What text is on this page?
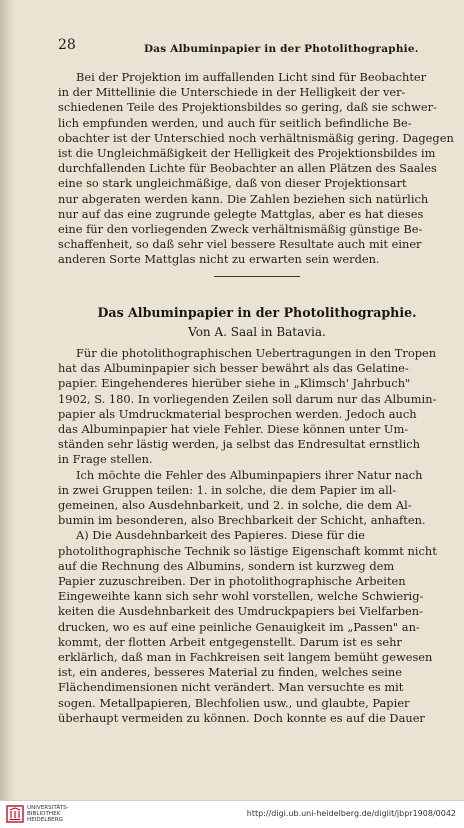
28	Das Albuminpapier in der Photolithographie.
Bei der Projektion im auffallenden Licht sind für Beobachter
in der Mittellinie die Unterschiede in der Helligkeit der ver-
schiedenen Teile des Projektionsbildes so gering, daß sie schwer-
lich empfunden werden, und auch für seitlich befindliche Be-
obachter ist der Unterschied noch verhältnismäßig gering. Dagegen
ist die Ungleichmäßigkeit der Helligkeit des Projektionsbildes im
durchfallenden Lichte für Beobachter an allen Plätzen des Saales
eine so stark ungleichmäßige, daß von dieser Projektionsart
nur abgeraten werden kann. Die Zahlen beziehen sich natürlich
nur auf das eine zugrunde gelegte Mattglas, aber es hat dieses
eine für den vorliegenden Zweck verhältnismäßig günstige Be-
schaffenheit, so daß sehr viel bessere Resultate auch mit einer
anderen Sorte Mattglas nicht zu erwarten sein werden.
Das Albuminpapier in der Photolithographie.
Von A. Saal in Batavia.
Für die photolithographischen Uebertragungen in den Tropen
hat das Albuminpapier sich besser bewährt als das Gelatine-
papier. Eingehenderes hierüber siehe in „Klimsch' Jahrbuch"
1902, S. 180. In vorliegenden Zeilen soll darum nur das Albumin-
papier als Umdruckmaterial besprochen werden. Jedoch auch
das Albuminpapier hat viele Fehler. Diese können unter Um-
ständen sehr lästig werden, ja selbst das Endresultat ernstlich
in Frage stellen.
Ich möchte die Fehler des Albuminpapiers ihrer Natur nach
in zwei Gruppen teilen: 1. in solche, die dem Papier im all-
gemeinen, also Ausdehnbarkeit, und 2. in solche, die dem Al-
bumin im besonderen, also Brechbarkeit der Schicht, anhaften.
A) Die Ausdehnbarkeit des Papieres. Diese für die
photolithographische Technik so lästige Eigenschaft kommt nicht
auf die Rechnung des Albumins, sondern ist kurzweg dem
Papier zuzuschreiben. Der in photolithographische Arbeiten
Eingeweihte kann sich sehr wohl vorstellen, welche Schwierig-
keiten die Ausdehnbarkeit des Umdruckpapiers bei Vielfarben-
drucken, wo es auf eine peinliche Genauigkeit im „Passen" an-
kommt, der flotten Arbeit entgegenstellt. Darum ist es sehr
erklärlich, daß man in Fachkreisen seit langem bemüht gewesen
ist, ein anderes, besseres Material zu finden, welches seine
Flächendimensionen nicht verändert. Man versuchte es mit
sogen. Metallpapieren, Blechfolien usw., und glaubte, Papier
überhaupt vermeiden zu können. Doch konnte es auf die Dauer
UNIVERSITÄTS-
BIBLIOTHEK
HEIDELBERG
http://digi.ub.uni-heidelberg.de/diglit/jbpr1908/0042
